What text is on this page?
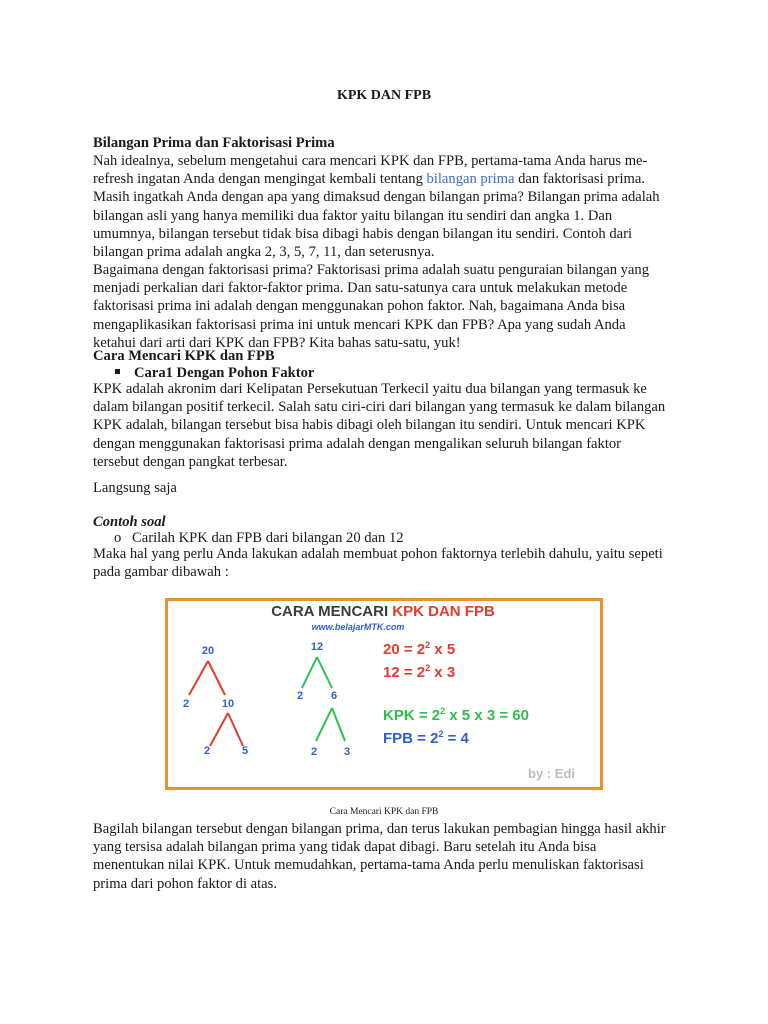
KPK DAN FPB
Bilangan Prima dan Faktorisasi Prima
Nah idealnya, sebelum mengetahui cara mencari KPK dan FPB, pertama-tama Anda harus me-
refresh ingatan Anda dengan mengingat kembali tentang bilangan prima dan faktorisasi prima.
Masih ingatkah Anda dengan apa yang dimaksud dengan bilangan prima? Bilangan prima adalah
bilangan asli yang hanya memiliki dua faktor yaitu bilangan itu sendiri dan angka 1. Dan
umumnya, bilangan tersebut tidak bisa dibagi habis dengan bilangan itu sendiri. Contoh dari
bilangan prima adalah angka 2, 3, 5, 7, 11, dan seterusnya.
Bagaimana dengan faktorisasi prima? Faktorisasi prima adalah suatu penguraian bilangan yang
menjadi perkalian dari faktor-faktor prima. Dan satu-satunya cara untuk melakukan metode
faktorisasi prima ini adalah dengan menggunakan pohon faktor. Nah, bagaimana Anda bisa
mengaplikasikan faktorisasi prima ini untuk mencari KPK dan FPB? Apa yang sudah Anda
ketahui dari arti dari KPK dan FPB? Kita bahas satu-satu, yuk!
Cara Mencari KPK dan FPB
Cara1 Dengan Pohon Faktor
KPK adalah akronim dari Kelipatan Persekutuan Terkecil yaitu dua bilangan yang termasuk ke
dalam bilangan positif terkecil. Salah satu ciri-ciri dari bilangan yang termasuk ke dalam bilangan
KPK adalah, bilangan tersebut bisa habis dibagi oleh bilangan itu sendiri. Untuk mencari KPK
dengan menggunakan faktorisasi prima adalah dengan mengalikan seluruh bilangan faktor
tersebut dengan pangkat terbesar.
Langsung saja
Contoh soal
o Carilah KPK dan FPB dari bilangan 20 dan 12
Maka hal yang perlu Anda lakukan adalah membuat pohon faktornya terlebih dahulu, yaitu sepeti
pada gambar dibawah :
CARA MENCARI KPK DAN FPB
www.belajarMTK.com
20
2	10
2	5
12
2	6
2 3
$20 = 2^2$ x 5
$12 = 2^2$ x 3
KPK = $2^2$ x 5 x 3 = 60
FPB = $2^2 = 4$
by : Edi
Cara Mencari KPK dan FPB
Bagilah bilangan tersebut dengan bilangan prima, dan terus lakukan pembagian hingga hasil akhir
yang tersisa adalah bilangan prima yang tidak dapat dibagi. Baru setelah itu Anda bisa
menentukan nilai KPK. Untuk memudahkan, pertama-tama Anda perlu menuliskan faktorisasi
prima dari pohon faktor di atas.
